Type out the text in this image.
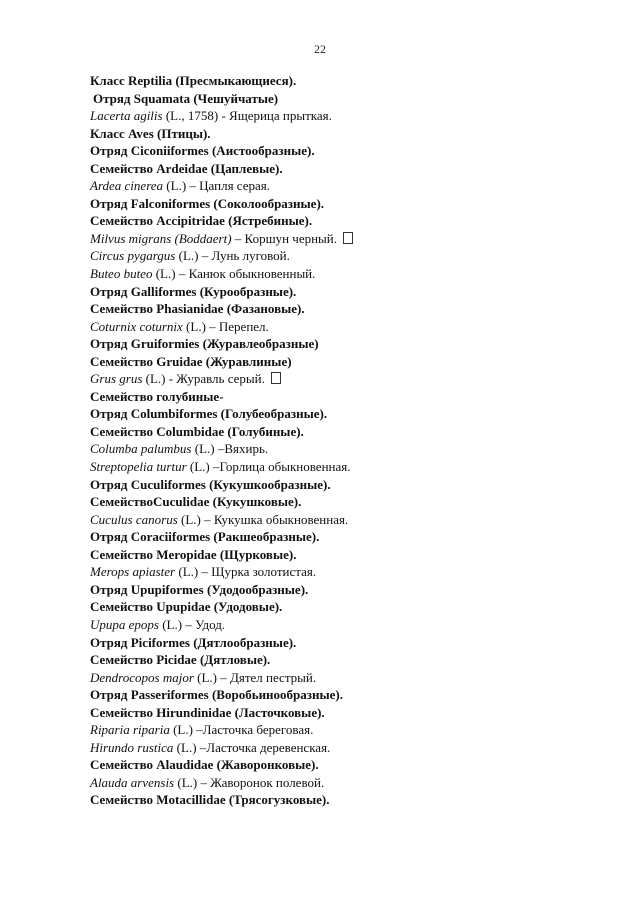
22
Класс Reptilia (Пресмыкающиеся).
Отряд Squamata (Чешуйчатые)
Lacerta agilis (L., 1758) - Ящерица прыткая.
Класс Aves (Птицы).
Отряд Ciconiiformes (Аистообразные).
Семейство Ardeidae (Цаплевые).
Ardea cinerea (L.) – Цапля серая.
Отряд Falconiformes (Соколообразные).
Семейство Accipitridae (Ястребиные).
Milvus migrans (Boddaert) – Коршун черный.
Circus pygargus (L.) – Лунь луговой.
Buteo buteo (L.) – Канюк обыкновенный.
Отряд Galliformes (Курообразные).
Семейство Phasianidae (Фазановые).
Coturnix coturnix (L.) – Перепел.
Отряд Gruiformies (Журавлеобразные)
Семейство Gruidae (Журавлиные)
Grus grus (L.) - Журавль серый.
Семейство голубиные-
Отряд Columbiformes (Голубеобразные).
Семейство Columbidae (Голубиные).
Columba palumbus (L.) –Вяхирь.
Streptopelia turtur (L.) –Горлица обыкновенная.
Отряд Cuculiformes (Кукушкообразные).
СемействоCuculidae (Кукушковые).
Cuculus canorus (L.) – Кукушка обыкновенная.
Отряд Coraciiformes (Ракшеобразные).
Семейство Meropidae (Щурковые).
Merops apiaster (L.) – Щурка золотистая.
Отряд Upupiformes (Удодообразные).
Семейство Upupidae (Удодовые).
Upupa epops (L.) – Удод.
Отряд Piciformes (Дятлообразные).
Семейство Picidae (Дятловые).
Dendrocopos major (L.) – Дятел пестрый.
Отряд Passeriformes (Воробьинообразные).
Семейство Hirundinidae (Ласточковые).
Riparia riparia (L.) –Ласточка береговая.
Hirundo rustica (L.) –Ласточка деревенская.
Семейство Alaudidae (Жаворонковые).
Alauda arvensis (L.) – Жаворонок полевой.
Семейство Motacillidae (Трясогузковые).
